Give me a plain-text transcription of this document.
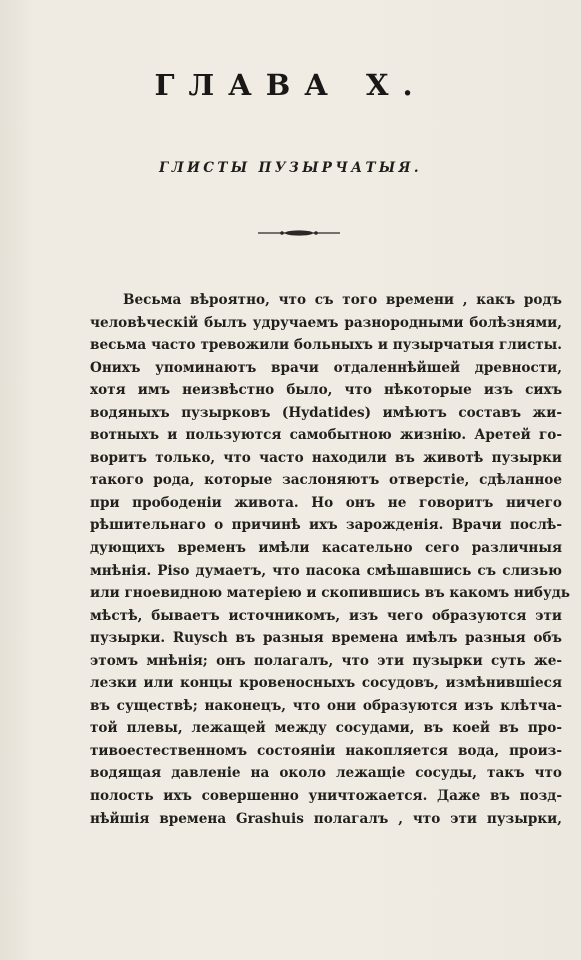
ГЛАВА X.
ГЛИСТЫ ПУЗЫРЧАТЫЯ.
Весьма вѣроятно, что съ того времени , какъ родъ
человѣческій былъ удручаемъ разнородными болѣзнями,
весьма часто тревожили больныхъ и пузырчатыя глисты.
Онихъ упоминаютъ врачи отдаленнѣйшей древности,
хотя имъ неизвѣстно было, что нѣкоторые изъ сихъ
водяныхъ пузырковъ (Hydatides) имѣютъ составъ жи-
вотныхъ и пользуются самобытною жизнію. Аретей го-
воритъ только, что часто находили въ животѣ пузырки
такого рода, которые заслоняютъ отверстіе, сдѣланное
при прободеніи живота. Но онъ не говоритъ ничего
рѣшительнаго о причинѣ ихъ зарожденія. Врачи послѣ-
дующихъ временъ имѣли касательно сего различныя
мнѣнія. Piso думаетъ, что пасока смѣшавшись съ слизью
или гноевидною матеріею и скопившись въ какомъ нибудь
мѣстѣ, бываетъ источникомъ, изъ чего образуются эти
пузырки. Ruysch въ разныя времена имѣлъ разныя объ
этомъ мнѣнія; онъ полагалъ, что эти пузырки суть же-
лезки или концы кровеносныхъ сосудовъ, измѣнившіеся
въ существѣ; наконецъ, что они образуются изъ клѣтча-
той плевы, лежащей между сосудами, въ коей въ про-
тивоестественномъ состояніи накопляется вода, произ-
водящая давленіе на около лежащіе сосуды, такъ что
полость ихъ совершенно уничтожается. Даже въ позд-
нѣйшія времена Grashuis полагалъ , что эти пузырки,
